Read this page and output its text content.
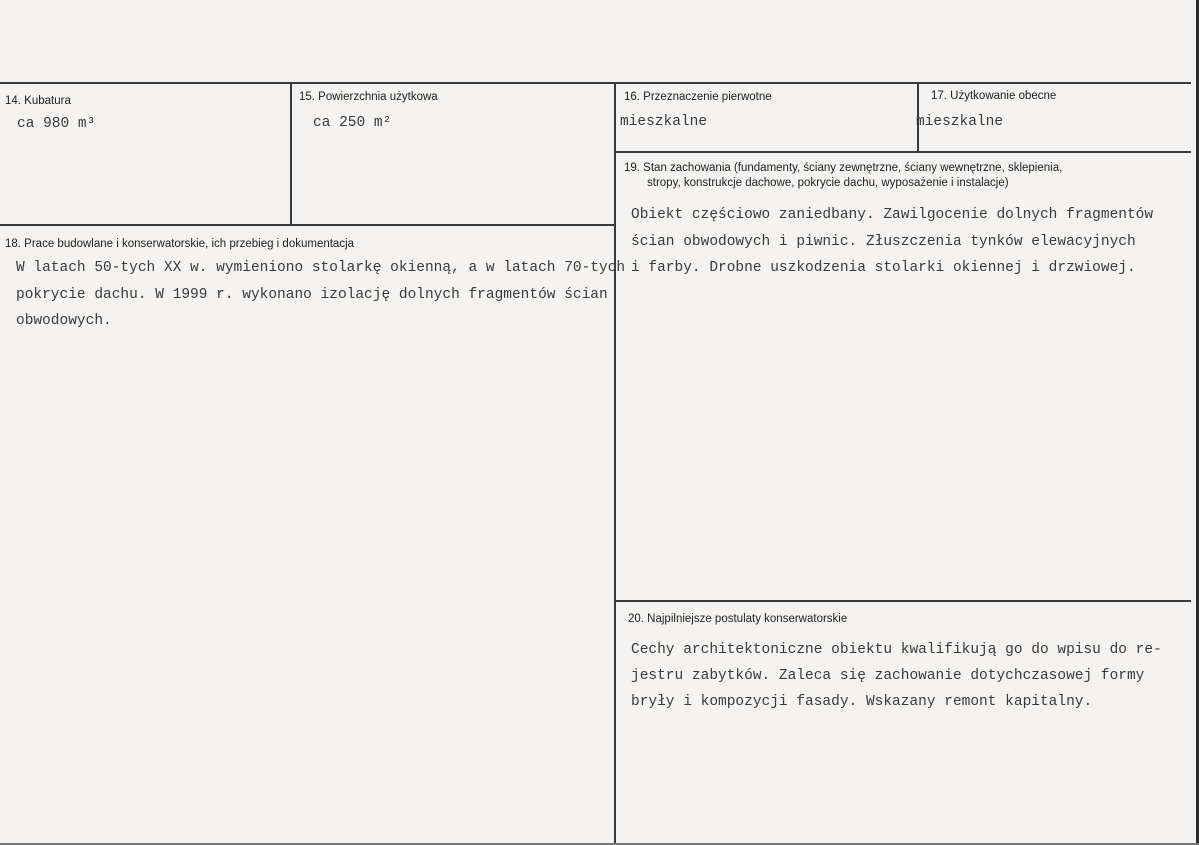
14. Kubatura
ca 980 m³
15. Powierzchnia użytkowa
ca 250 m²
16. Przeznaczenie pierwotne
mieszkalne
17. Użytkowanie obecne
mieszkalne
18. Prace budowlane i konserwatorskie, ich przebieg i dokumentacja
W latach 50-tych XX w. wymieniono stolarkę okienną, a w latach 70-tych
pokrycie dachu. W 1999 r. wykonano izolację dolnych fragmentów ścian
obwodowych.
19. Stan zachowania (fundamenty, ściany zewnętrzne, ściany wewnętrzne, sklepienia,
stropy, konstrukcje dachowe, pokrycie dachu, wyposażenie i instalacje)
Obiekt częściowo zaniedbany. Zawilgocenie dolnych fragmentów
ścian obwodowych i piwnic. Złuszczenia tynków elewacyjnych
i farby. Drobne uszkodzenia stolarki okiennej i drzwiowej.
20. Najpilniejsze postulaty konserwatorskie
Cechy architektoniczne obiektu kwalifikują go do wpisu do re-
jestru zabytków. Zaleca się zachowanie dotychczasowej formy
bryły i kompozycji fasady. Wskazany remont kapitalny.
